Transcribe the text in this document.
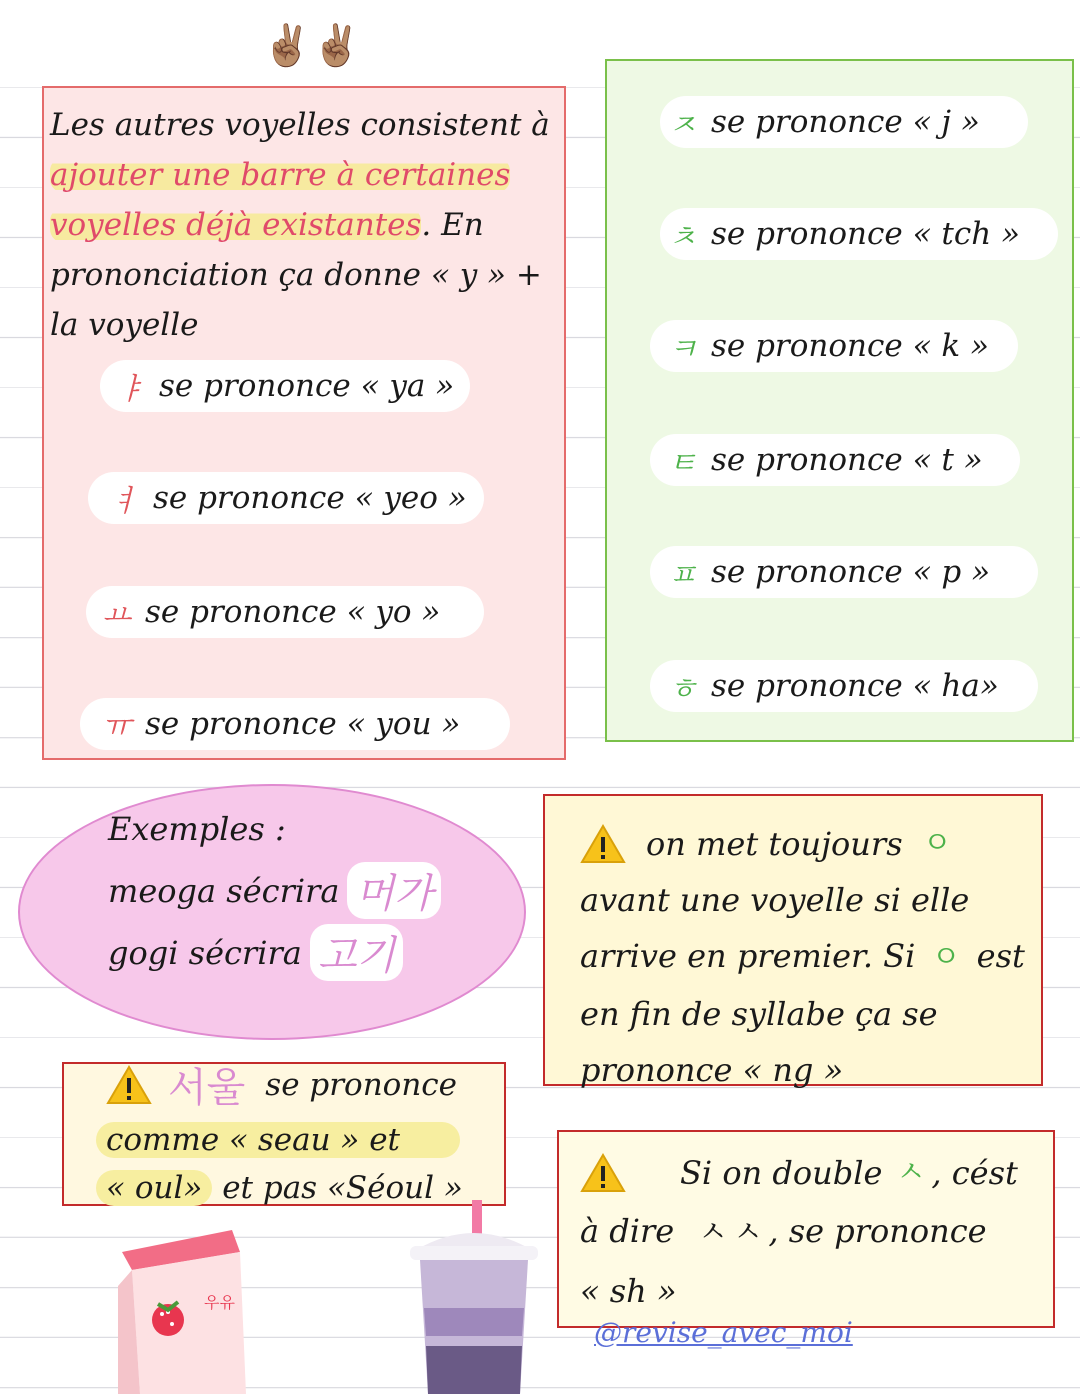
✌🏽✌🏽
Les autres voyelles consistent à
ajouter une barre à certaines
voyelles déjà existantes. En
prononciation ça donne « y » +
la voyelle
ㅑ se prononce « ya »
ㅕ se prononce « yeo »
ㅛ se prononce « yo »
ㅠ se prononce « you »
ㅈ se prononce « j »
ㅊ se prononce « tch »
ㅋ se prononce « k »
ㅌ se prononce « t »
ㅍ se prononce « p »
ㅎ se prononce « ha»
Exemples :
meoga sécrira 머가
gogi sécrira 고기
on met toujours ㅇ
avant une voyelle si elle
arrive en premier. Si ㅇ est
en fin de syllabe ça se
prononce « ng »
서울 se prononce
comme « seau » et
« oul» et pas «Séoul »	Si on double ㅅ , cést
à dire ㅅㅅ, se prononce
« sh »
@revise_avec_moi
우유
